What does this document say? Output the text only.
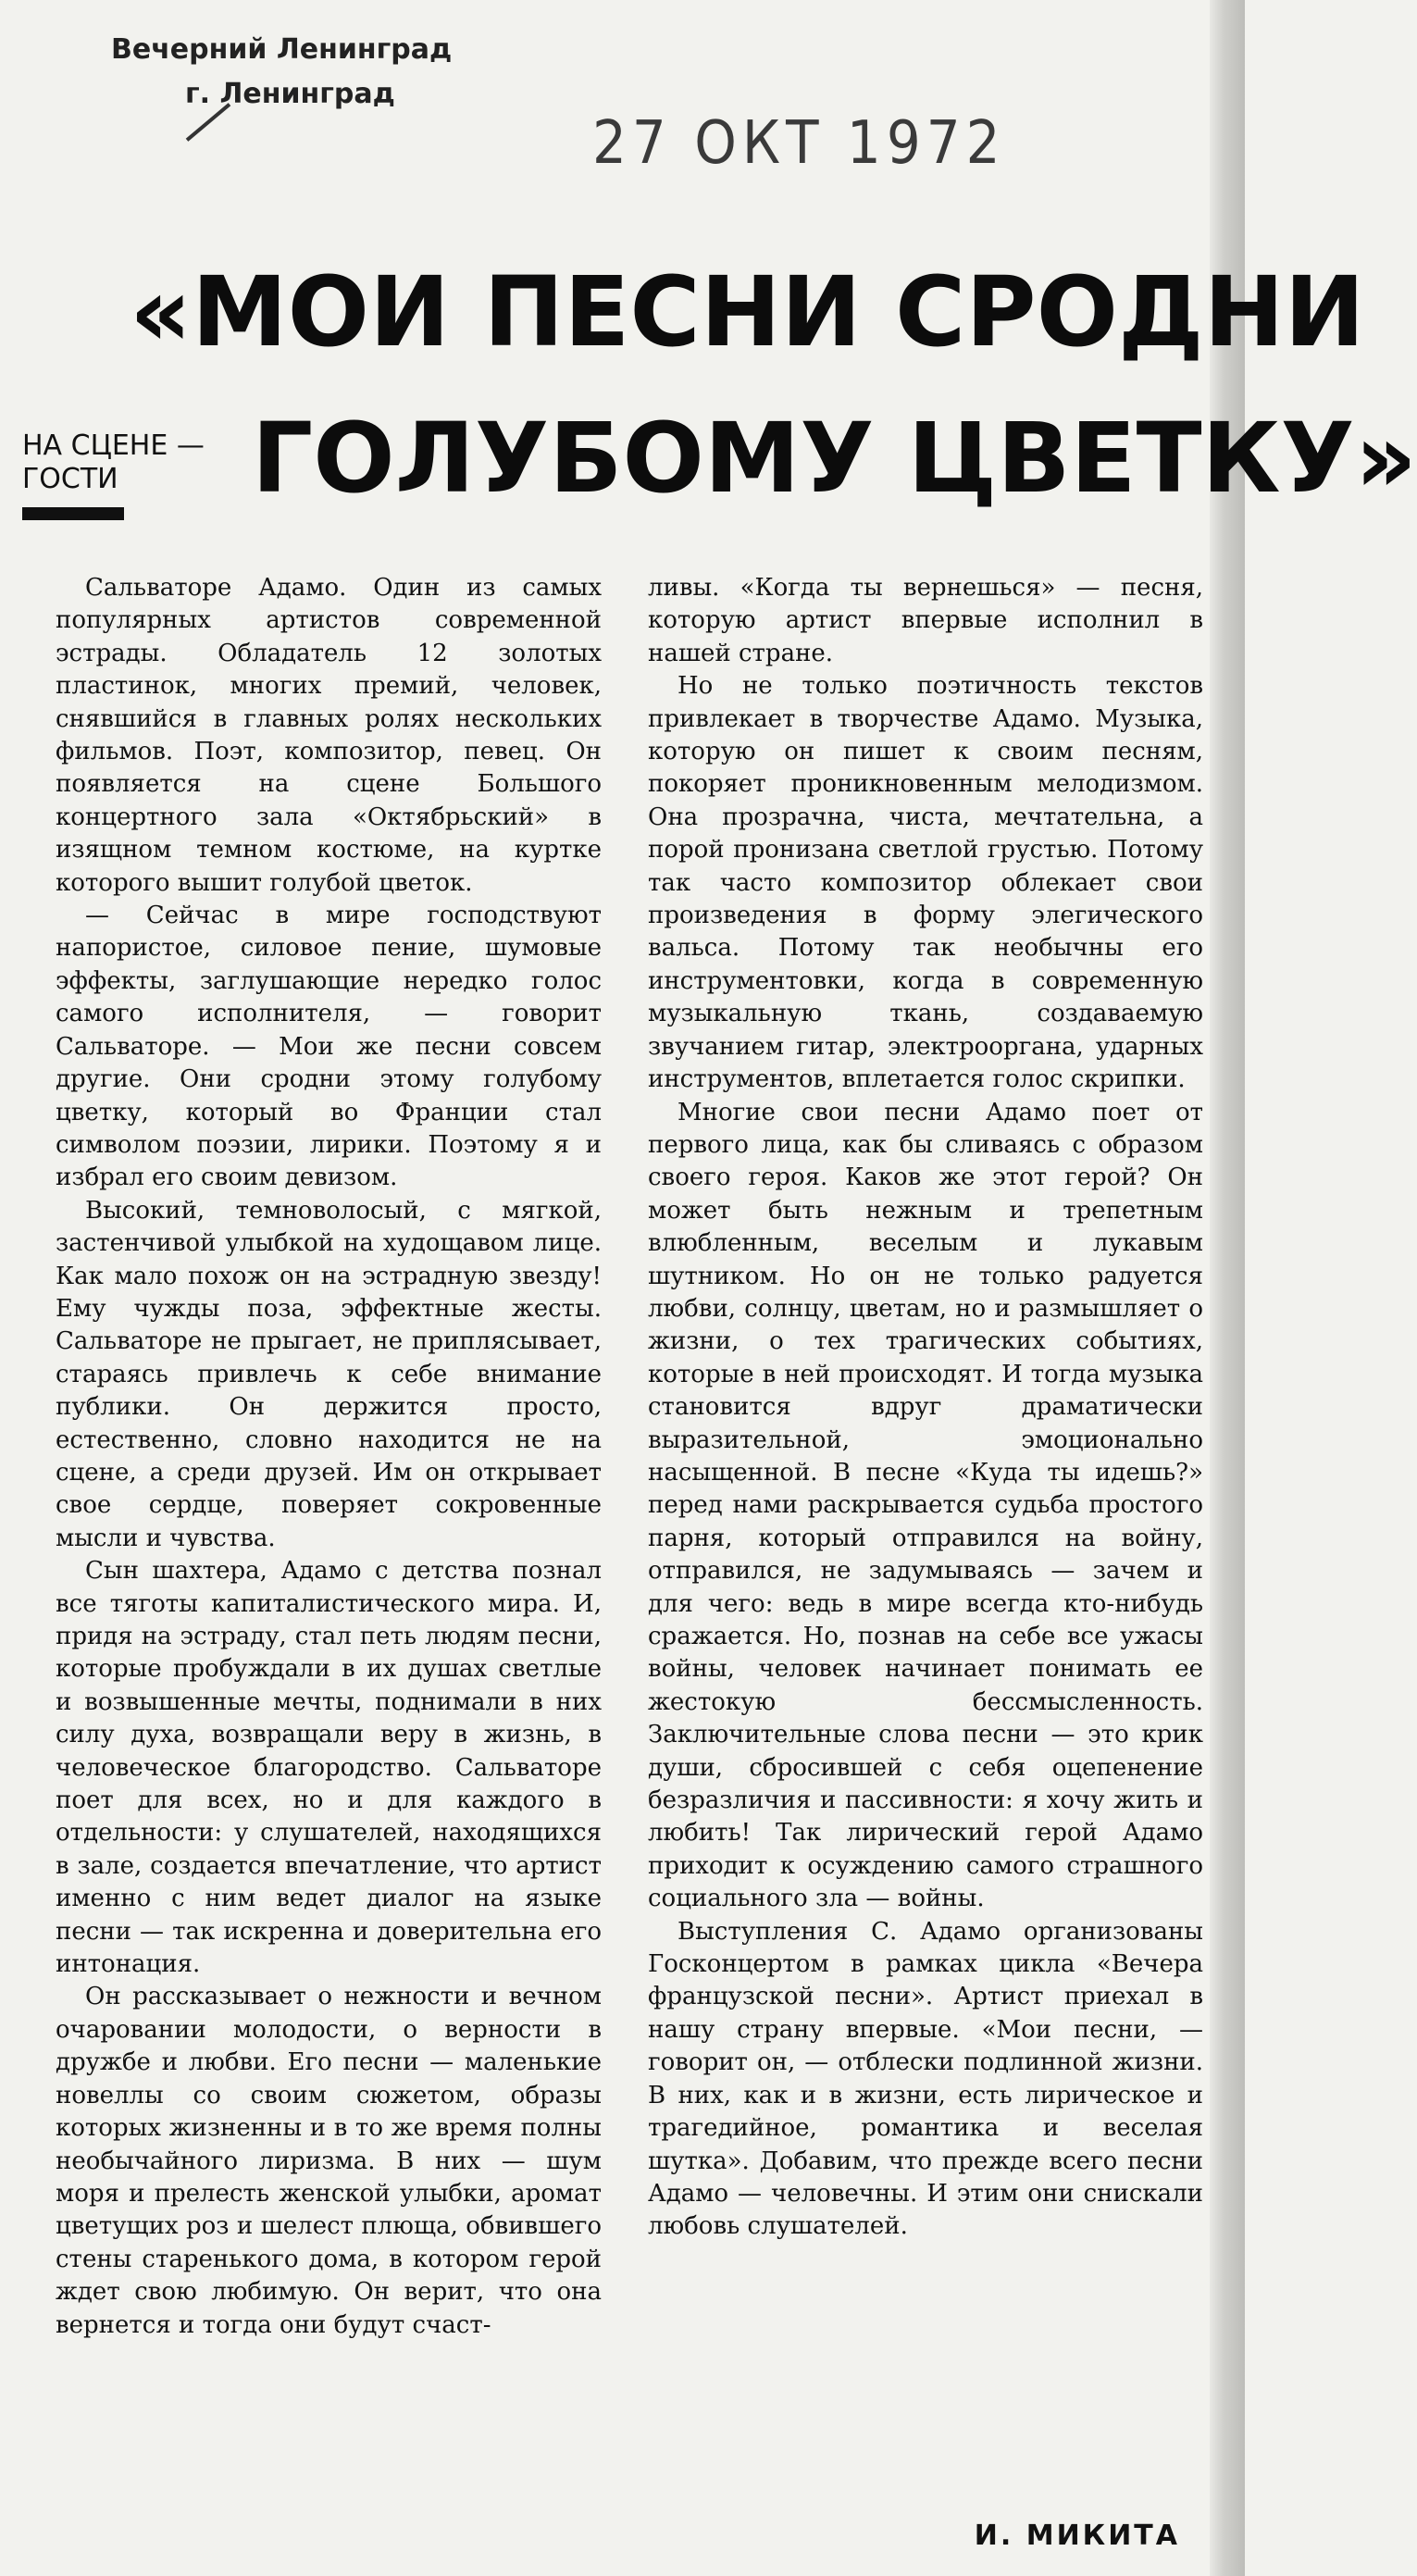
Вечерний Ленинград
г. Ленинград
27 ОКТ 1972
«МОИ ПЕСНИ СРОДНИ
ГОЛУБОМУ ЦВЕТКУ»
НА СЦЕНЕ —
ГОСТИ

Сальваторе Адамо. Один из самых популярных артистов современной эстрады. Обладатель 12 золотых пластинок, многих премий, человек, снявшийся в главных ролях нескольких фильмов. Поэт, композитор, певец. Он появляется на сцене Большого концертного зала «Октябрьский» в изящном темном костюме, на куртке которого вышит голубой цветок.

— Сейчас в мире господствуют напористое, силовое пение, шумовые эффекты, заглушающие нередко голос самого исполнителя, — говорит Сальваторе. — Мои же песни совсем другие. Они сродни этому голубому цветку, который во Франции стал символом поэзии, лирики. Поэтому я и избрал его своим девизом.

Высокий, темноволосый, с мягкой, застенчивой улыбкой на худощавом лице. Как мало похож он на эстрадную звезду! Ему чужды поза, эффектные жесты. Сальваторе не прыгает, не приплясывает, стараясь привлечь к себе внимание публики. Он держится просто, естественно, словно находится не на сцене, а среди друзей. Им он открывает свое сердце, поверяет сокровенные мысли и чувства.

Сын шахтера, Адамо с детства познал все тяготы капиталистического мира. И, придя на эстраду, стал петь людям песни, которые пробуждали в их душах светлые и возвышенные мечты, поднимали в них силу духа, возвращали веру в жизнь, в человеческое благородство. Сальваторе поет для всех, но и для каждого в отдельности: у слушателей, находящихся в зале, создается впечатление, что артист именно с ним ведет диалог на языке песни — так искренна и доверительна его интонация.

Он рассказывает о нежности и вечном очаровании молодости, о верности в дружбе и любви. Его песни — маленькие новеллы со своим сюжетом, образы которых жизненны и в то же время полны необычайного лиризма. В них — шум моря и прелесть женской улыбки, аромат цветущих роз и шелест плюща, обвившего стены старенького дома, в котором герой ждет свою любимую. Он верит, что она вернется и тогда они будут счаст-

ливы. «Когда ты вернешься» — песня, которую артист впервые исполнил в нашей стране.

Но не только поэтичность текстов привлекает в творчестве Адамо. Музыка, которую он пишет к своим песням, покоряет проникновенным мелодизмом. Она прозрачна, чиста, мечтательна, а порой пронизана светлой грустью. Потому так часто композитор облекает свои произведения в форму элегического вальса. Потому так необычны его инструментовки, когда в современную музыкальную ткань, создаваемую звучанием гитар, электрооргана, ударных инструментов, вплетается голос скрипки.

Многие свои песни Адамо поет от первого лица, как бы сливаясь с образом своего героя. Каков же этот герой? Он может быть нежным и трепетным влюбленным, веселым и лукавым шутником. Но он не только радуется любви, солнцу, цветам, но и размышляет о жизни, о тех трагических событиях, которые в ней происходят. И тогда музыка становится вдруг драматически выразительной, эмоционально насыщенной. В песне «Куда ты идешь?» перед нами раскрывается судьба простого парня, который отправился на войну, отправился, не задумываясь — зачем и для чего: ведь в мире всегда кто-нибудь сражается. Но, познав на себе все ужасы войны, человек начинает понимать ее жестокую бессмысленность. Заключительные слова песни — это крик души, сбросившей с себя оцепенение безразличия и пассивности: я хочу жить и любить! Так лирический герой Адамо приходит к осуждению самого страшного социального зла — войны.

Выступления С. Адамо организованы Госконцертом в рамках цикла «Вечера французской песни». Артист приехал в нашу страну впервые. «Мои песни, — говорит он, — отблески подлинной жизни. В них, как и в жизни, есть лирическое и трагедийное, романтика и веселая шутка». Добавим, что прежде всего песни Адамо — человечны. И этим они снискали любовь слушателей.

И. МИКИТА
